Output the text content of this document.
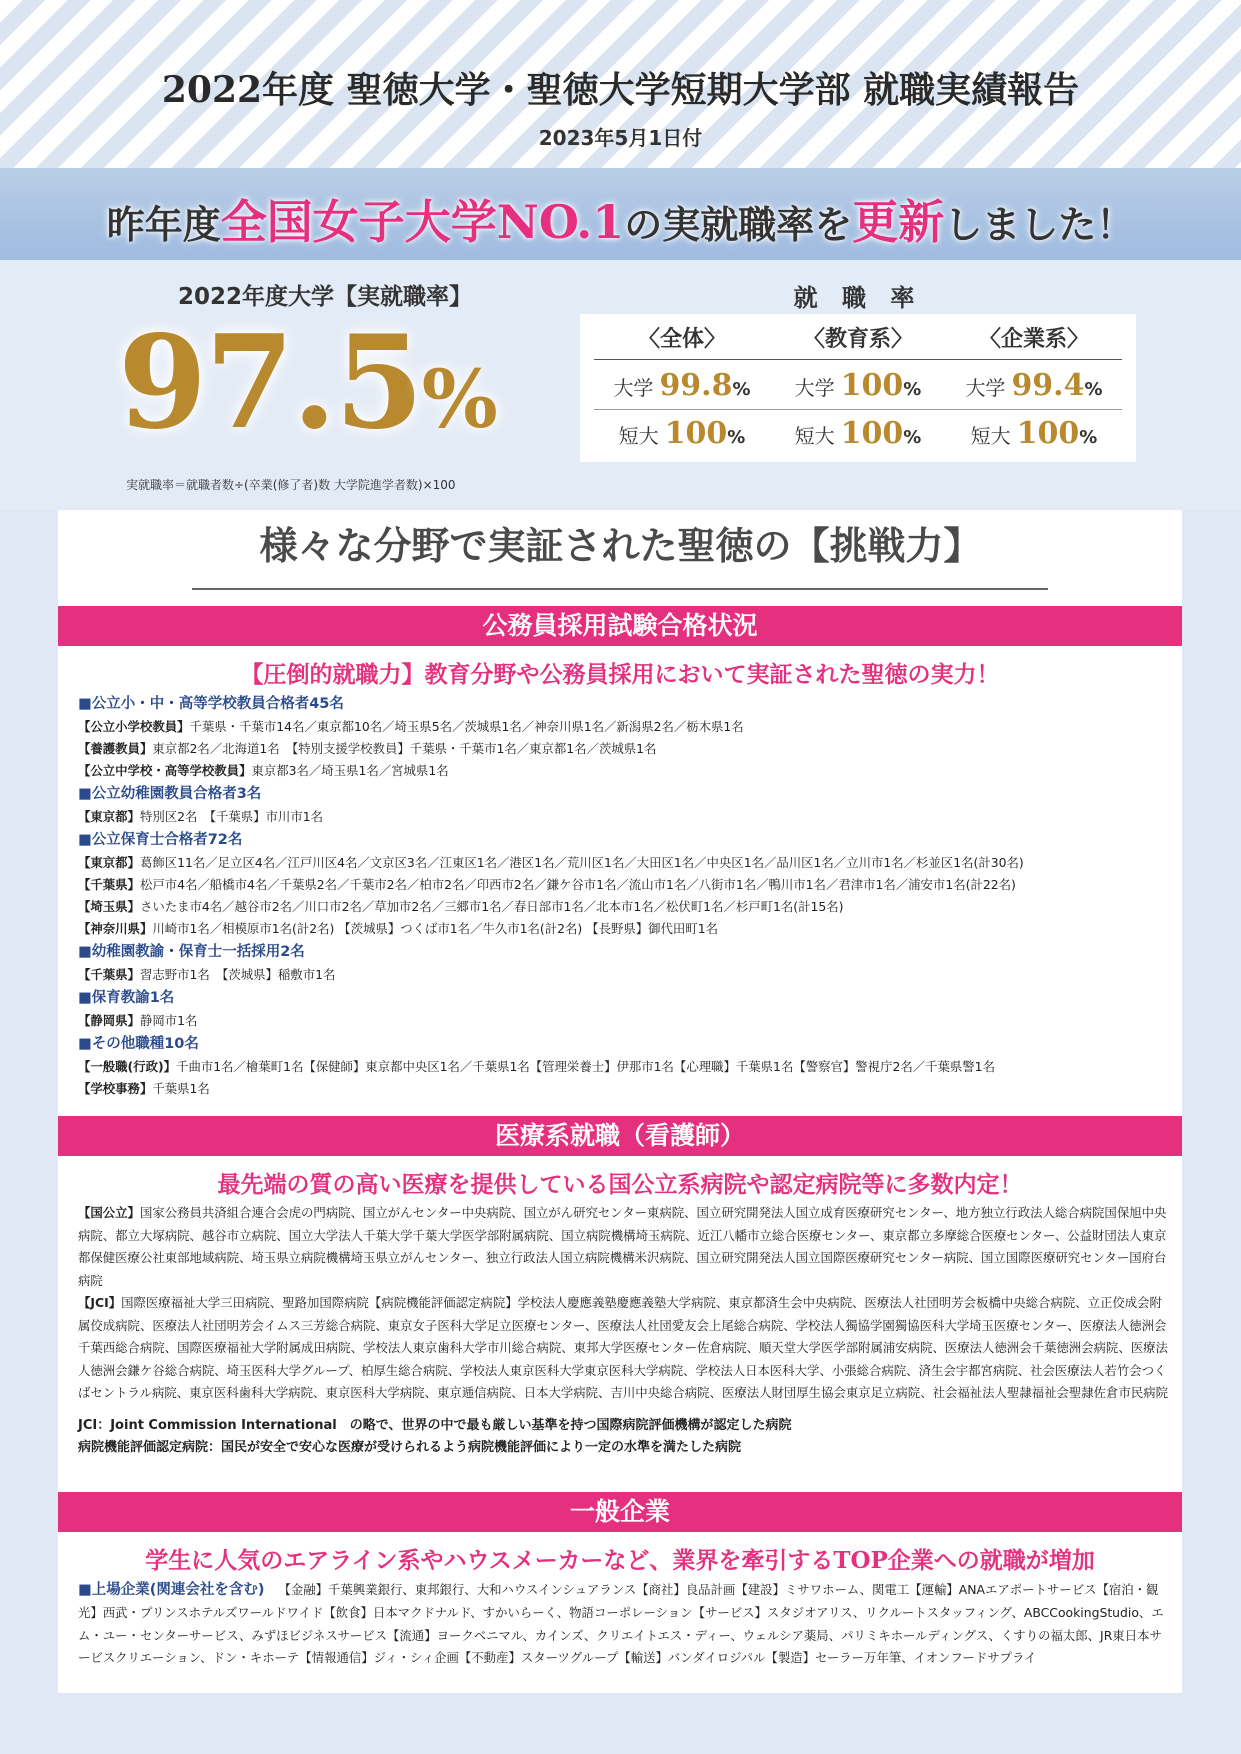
2022年度 聖徳大学・聖徳大学短期大学部 就職実績報告
2023年5月1日付
昨年度全国女子大学NO.1の実就職率を更新しました！
2022年度大学【実就職率】
97.5%
実就職率＝就職者数÷(卒業(修了者)数 大学院進学者数)×100
就 職 率
〈全体〉	〈教育系〉	〈企業系〉
大学 99.8 % 大学 100 % 大学 99.4 %
短大 100 % 短大 100 % 短大 100 %
様々な分野で実証された聖徳の【挑戦力】
公務員採用試験合格状況
【圧倒的就職力】教育分野や公務員採用において実証された聖徳の実力！
■公立小・中・高等学校教員合格者45名
【公立小学校教員】千葉県・千葉市14名／東京都10名／埼玉県5名／茨城県1名／神奈川県1名／新潟県2名／栃木県1名
【養護教員】東京都2名／北海道1名　【特別支援学校教員】千葉県・千葉市1名／東京都1名／茨城県1名
【公立中学校・高等学校教員】東京都3名／埼玉県1名／宮城県1名
■公立幼稚園教員合格者3名
【東京都】特別区2名　【千葉県】市川市1名
■公立保育士合格者72名
【東京都】葛飾区11名／足立区4名／江戸川区4名／文京区3名／江東区1名／港区1名／荒川区1名／大田区1名／中央区1名／品川区1名／立川市1名／杉並区1名(計30名)
【千葉県】松戸市4名／船橋市4名／千葉県2名／千葉市2名／柏市2名／印西市2名／鎌ケ谷市1名／流山市1名／八街市1名／鴨川市1名／君津市1名／浦安市1名(計22名)
【埼玉県】さいたま市4名／越谷市2名／川口市2名／草加市2名／三郷市1名／春日部市1名／北本市1名／松伏町1名／杉戸町1名(計15名)
【神奈川県】川崎市1名／相模原市1名(計2名) 【茨城県】つくば市1名／牛久市1名(計2名) 【長野県】御代田町1名
■幼稚園教諭・保育士一括採用2名
【千葉県】習志野市1名　【茨城県】稲敷市1名
■保育教諭1名
【静岡県】静岡市1名
■その他職種10名
【一般職(行政)】千曲市1名／檜葉町1名【保健師】東京都中央区1名／千葉県1名【管理栄養士】伊那市1名【心理職】千葉県1名【警察官】警視庁2名／千葉県警1名
【学校事務】千葉県1名
医療系就職（看護師）
最先端の質の高い医療を提供している国公立系病院や認定病院等に多数内定！
【国公立】国家公務員共済組合連合会虎の門病院、国立がんセンター中央病院、国立がん研究センター東病院、国立研究開発法人国立成育医療研究センター、地方独立行政法人総合病院国保旭中央病院、都立大塚病院、越谷市立病院、国立大学法人千葉大学千葉大学医学部附属病院、国立病院機構埼玉病院、近江八幡市立総合医療センター、東京都立多摩総合医療センター、公益財団法人東京都保健医療公社東部地域病院、埼玉県立病院機構埼玉県立がんセンター、独立行政法人国立病院機構米沢病院、国立研究開発法人国立国際医療研究センター病院、国立国際医療研究センター国府台病院
【JCI】国際医療福祉大学三田病院、聖路加国際病院【病院機能評価認定病院】学校法人慶應義塾慶應義塾大学病院、東京都済生会中央病院、医療法人社団明芳会板橋中央総合病院、立正佼成会附属佼成病院、医療法人社団明芳会イムス三芳総合病院、東京女子医科大学足立医療センター、医療法人社団愛友会上尾総合病院、学校法人獨協学園獨協医科大学埼玉医療センター、医療法人徳洲会千葉西総合病院、国際医療福祉大学附属成田病院、学校法人東京歯科大学市川総合病院、東邦大学医療センター佐倉病院、順天堂大学医学部附属浦安病院、医療法人徳洲会千葉徳洲会病院、医療法人徳洲会鎌ケ谷総合病院、埼玉医科大学グループ、柏厚生総合病院、学校法人東京医科大学東京医科大学病院、学校法人日本医科大学、小張総合病院、済生会宇都宮病院、社会医療法人若竹会つくばセントラル病院、東京医科歯科大学病院、東京医科大学病院、東京逓信病院、日本大学病院、吉川中央総合病院、医療法人財団厚生協会東京足立病院、社会福祉法人聖隷福祉会聖隷佐倉市民病院
JCI：Joint Commission International　の略で、世界の中で最も厳しい基準を持つ国際病院評価機構が認定した病院
病院機能評価認定病院：国民が安全で安心な医療が受けられるよう病院機能評価により一定の水準を満たした病院
一般企業
学生に人気のエアライン系やハウスメーカーなど、業界を牽引するTOP企業への就職が増加
■上場企業(関連会社を含む) 【金融】千葉興業銀行、東邦銀行、大和ハウスインシュアランス【商社】良品計画【建設】ミサワホーム、関電工【運輸】ANAエアポートサービス【宿泊・観光】西武・プリンスホテルズワールドワイド【飲食】日本マクドナルド、すかいらーく、物語コーポレーション【サービス】スタジオアリス、リクルートスタッフィング、ABCCookingStudio、エム・ユー・センターサービス、みずほビジネスサービス【流通】ヨークベニマル、カインズ、クリエイトエス・ディー、ウェルシア薬局、パリミキホールディングス、くすりの福太郎、JR東日本サービスクリエーション、ドン・キホーテ【情報通信】ジィ・シィ企画【不動産】スターツグループ【輸送】バンダイロジパル【製造】セーラー万年筆、イオンフードサプライ
